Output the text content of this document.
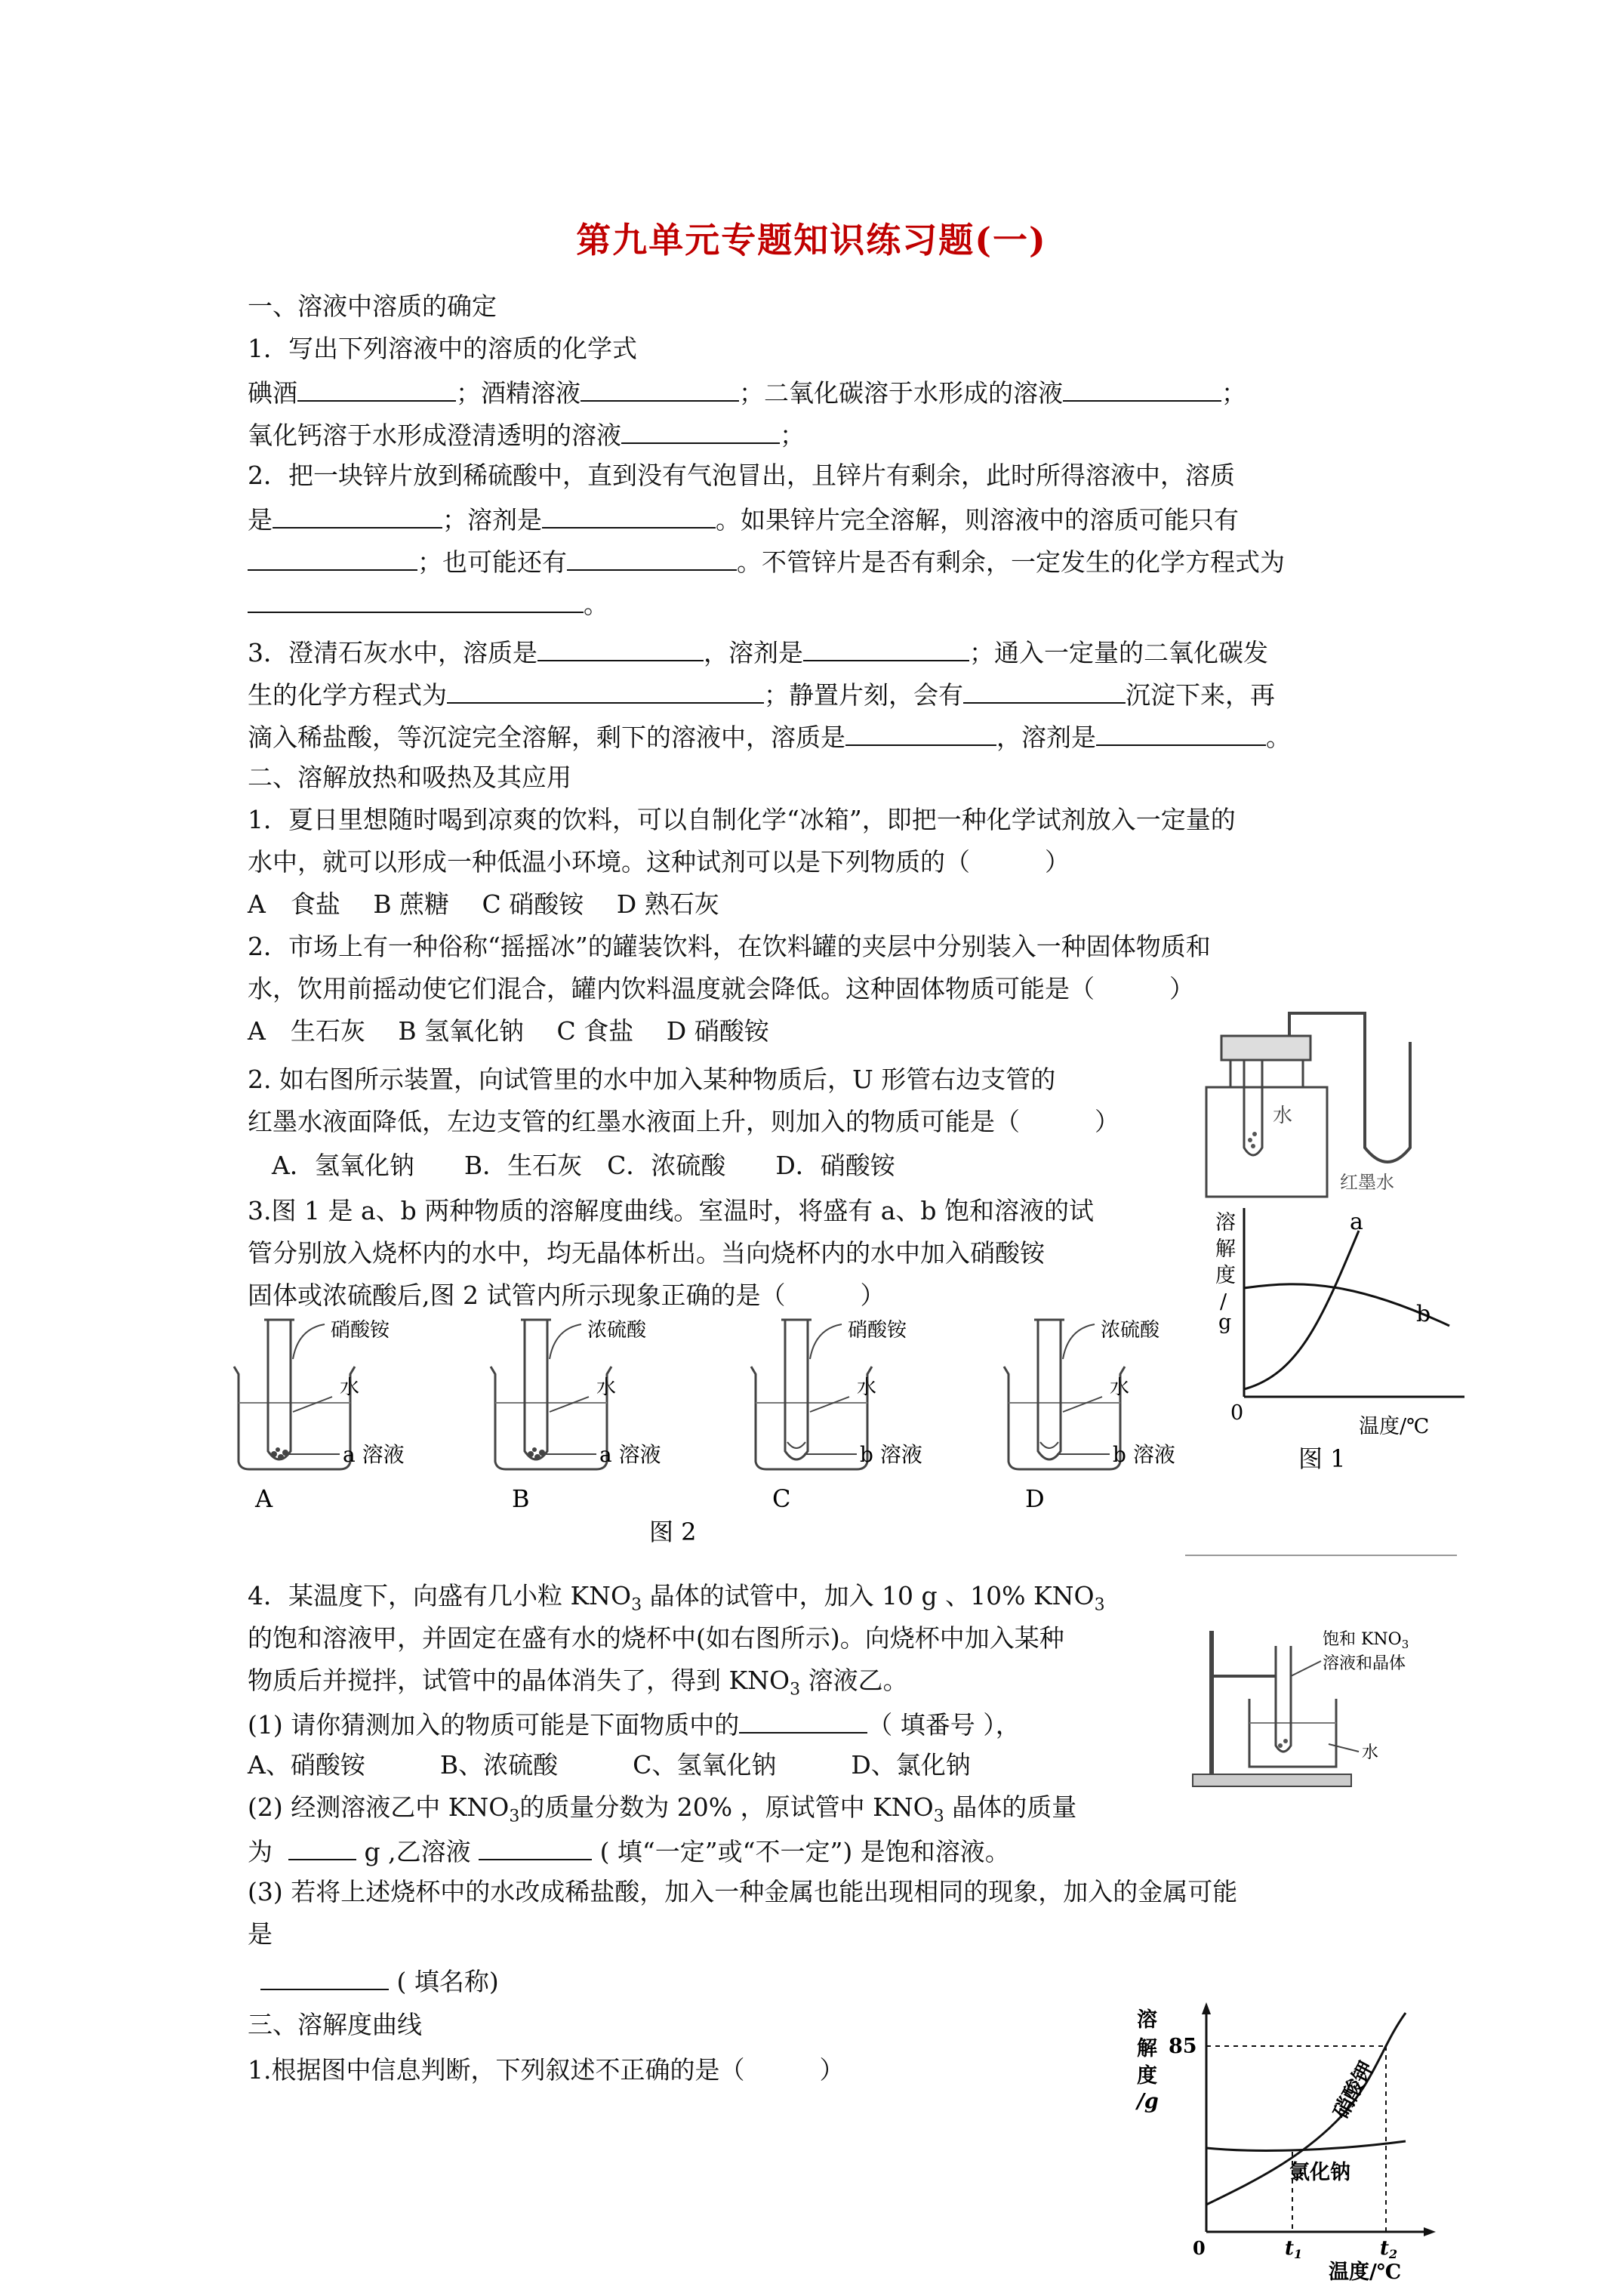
第九单元专题知识练习题(一)
一、溶液中溶质的确定
1．写出下列溶液中的溶质的化学式
碘酒	；酒精溶液	；二氧化碳溶于水形成的溶液	；
氧化钙溶于水形成澄清透明的溶液	；
2．把一块锌片放到稀硫酸中，直到没有气泡冒出，且锌片有剩余，此时所得溶液中，溶质
是	；溶剂是	。如果锌片完全溶解，则溶液中的溶质可能只有
；也可能还有	。不管锌片是否有剩余，一定发生的化学方程式为
。
3．澄清石灰水中，溶质是	，溶剂是	；通入一定量的二氧化碳发
生的化学方程式为	；静置片刻，会有	沉淀下来，再
滴入稀盐酸，等沉淀完全溶解，剩下的溶液中，溶质是	，溶剂是	。
二、溶解放热和吸热及其应用
1．夏日里想随时喝到凉爽的饮料，可以自制化学“冰箱”，即把一种化学试剂放入一定量的
水中，就可以形成一种低温小环境。这种试剂可以是下列物质的（　　　）
A　食盐　 B 蔗糖　 C 硝酸铵　 D 熟石灰
2．市场上有一种俗称“摇摇冰”的罐装饮料，在饮料罐的夹层中分别装入一种固体物质和
水，饮用前摇动使它们混合，罐内饮料温度就会降低。这种固体物质可能是（　　　）
A　生石灰　 B 氢氧化钠　 C 食盐　 D 硝酸铵
2. 如右图所示装置，向试管里的水中加入某种物质后，U 形管右边支管的
红墨水液面降低，左边支管的红墨水液面上升，则加入的物质可能是（　　　）
A．氢氧化钠　　B．生石灰　C．浓硫酸　　D．硝酸铵
3.图 1 是 a、b 两种物质的溶解度曲线。室温时，将盛有 a、b 饱和溶液的试
管分别放入烧杯内的水中，均无晶体析出。当向烧杯内的水中加入硝酸铵
固体或浓硫酸后,图 2 试管内所示现象正确的是（　　　）
水
红墨水
溶
解
度
/
g
a
b
0
温度/℃
图 1
硝酸铵
水
a 溶液
A
浓硫酸
水
a 溶液
B
硝酸铵
水
b 溶液
C
浓硫酸
水
b 溶液
D
图 2
4．某温度下，向盛有几小粒 $KNO_3$ 晶体的试管中，加入 10 g 、10% $KNO_3$
的饱和溶液甲，并固定在盛有水的烧杯中(如右图所示)。向烧杯中加入某种
物质后并搅拌，试管中的晶体消失了，得到 $KNO_3$ 溶液乙。
(1) 请你猜测加入的物质可能是下面物质中的	（ 填番号 ），
A、硝酸铵　　　B、浓硫酸　　　C、氢氧化钠　　　D、氯化钠
(2) 经测溶液乙中 $KNO_3$的质量分数为 20% ，原试管中 $KNO_3$ 晶体的质量
为	g ,乙溶液	( 填“一定”或“不一定”) 是饱和溶液。
(3) 若将上述烧杯中的水改成稀盐酸，加入一种金属也能出现相同的现象，加入的金属可能
是
( 填名称)
饱和 $KNO_3$
溶液和晶体
水
三、溶解度曲线
1.根据图中信息判断，下列叙述不正确的是（　　　）
溶
解
度
/g
85
硝酸钾
氯化钠
0	t1	t2
温度/℃
